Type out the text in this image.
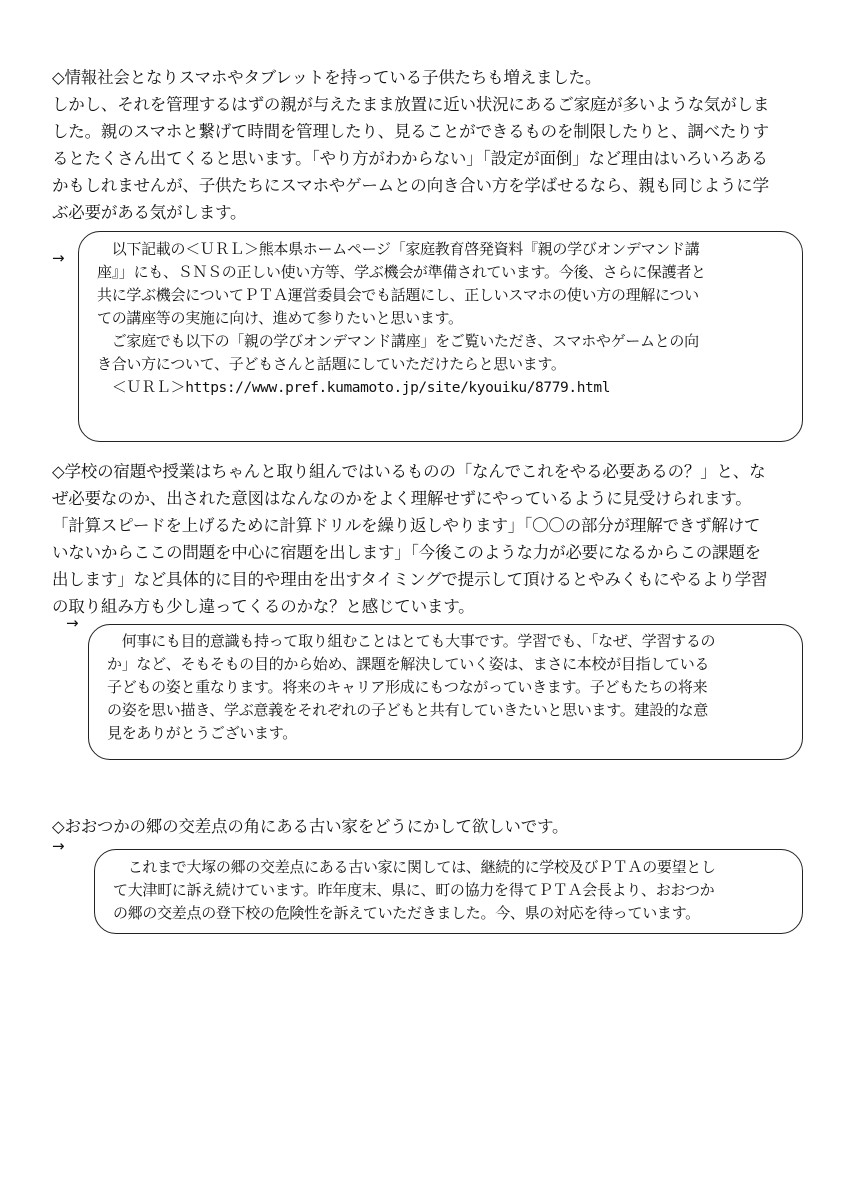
◇情報社会となりスマホやタブレットを持っている子供たちも増えました。
しかし、それを管理するはずの親が与えたまま放置に近い状況にあるご家庭が多いような気がしま
した。親のスマホと繋げて時間を管理したり、見ることができるものを制限したりと、調べたりす
るとたくさん出てくると思います。「やり方がわからない」「設定が面倒」など理由はいろいろある
かもしれませんが、子供たちにスマホやゲームとの向き合い方を学ばせるなら、親も同じように学
ぶ必要がある気がします。
→ 　以下記載の＜ＵＲＬ＞熊本県ホームページ「家庭教育啓発資料『親の学びオンデマンド講
座』」にも、ＳＮＳの正しい使い方等、学ぶ機会が準備されています。今後、さらに保護者と
共に学ぶ機会についてＰＴＡ運営委員会でも話題にし、正しいスマホの使い方の理解につい
ての講座等の実施に向け、進めて参りたいと思います。
　ご家庭でも以下の「親の学びオンデマンド講座」をご覧いただき、スマホやゲームとの向
き合い方について、子どもさんと話題にしていただけたらと思います。
　＜ＵＲＬ＞https://www.pref.kumamoto.jp/site/kyouiku/8779.html
◇学校の宿題や授業はちゃんと取り組んではいるものの「なんでこれをやる必要あるの？」と、な
ぜ必要なのか、出された意図はなんなのかをよく理解せずにやっているように見受けられます。
「計算スピードを上げるために計算ドリルを繰り返しやります」「〇〇の部分が理解できず解けて
いないからここの問題を中心に宿題を出します」「今後このような力が必要になるからこの課題を
出します」など具体的に目的や理由を出すタイミングで提示して頂けるとやみくもにやるより学習
の取り組み方も少し違ってくるのかな？と感じています。
→
　何事にも目的意識も持って取り組むことはとても大事です。学習でも、「なぜ、学習するの
か」など、そもそもの目的から始め、課題を解決していく姿は、まさに本校が目指している
子どもの姿と重なります。将来のキャリア形成にもつながっていきます。子どもたちの将来
の姿を思い描き、学ぶ意義をそれぞれの子どもと共有していきたいと思います。建設的な意
見をありがとうございます。
◇おおつかの郷の交差点の角にある古い家をどうにかして欲しいです。
→
　これまで大塚の郷の交差点にある古い家に関しては、継続的に学校及びＰＴＡの要望とし
て大津町に訴え続けています。昨年度末、県に、町の協力を得てＰＴＡ会長より、おおつか
の郷の交差点の登下校の危険性を訴えていただきました。今、県の対応を待っています。
